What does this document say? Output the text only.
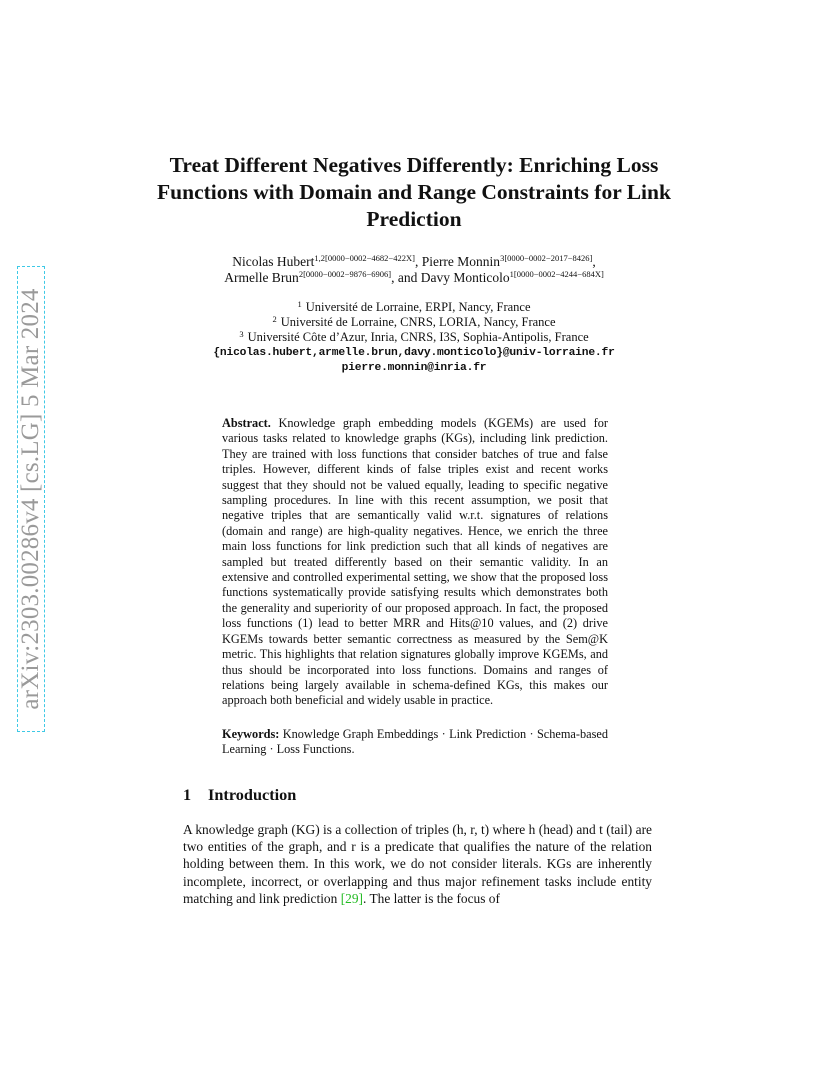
arXiv:2303.00286v4 [cs.LG] 5 Mar 2024
Treat Different Negatives Differently: Enriching Loss Functions with Domain and Range Constraints for Link Prediction
Nicolas Hubert$^{1,2[0000-0002-4682-422X]}$, Pierre Monnin$^{3[0000-0002-2017-8426]}$,
Armelle Brun$^{2[0000-0002-9876-6906]}$, and Davy Monticolo$^{1[0000-0002-4244-684X]}$
$^1$ Université de Lorraine, ERPI, Nancy, France
$^2$ Université de Lorraine, CNRS, LORIA, Nancy, France
$^3$ Université Côte d’Azur, Inria, CNRS, I3S, Sophia-Antipolis, France
{nicolas.hubert,armelle.brun,davy.monticolo}@univ-lorraine.fr
pierre.monnin@inria.fr
Abstract. Knowledge graph embedding models (KGEMs) are used for various tasks related to knowledge graphs (KGs), including link prediction. They are trained with loss functions that consider batches of true and false triples. However, different kinds of false triples exist and recent works suggest that they should not be valued equally, leading to specific negative sampling procedures. In line with this recent assumption, we posit that negative triples that are semantically valid w.r.t. signatures of relations (domain and range) are high-quality negatives. Hence, we enrich the three main loss functions for link prediction such that all kinds of negatives are sampled but treated differently based on their semantic validity. In an extensive and controlled experimental setting, we show that the proposed loss functions systematically provide satisfying results which demonstrates both the generality and superiority of our proposed approach. In fact, the proposed loss functions (1) lead to better MRR and Hits@10 values, and (2) drive KGEMs towards better semantic correctness as measured by the Sem@K metric. This highlights that relation signatures globally improve KGEMs, and thus should be incorporated into loss functions. Domains and ranges of relations being largely available in schema-defined KGs, this makes our approach both beneficial and widely usable in practice.
Keywords: Knowledge Graph Embeddings · Link Prediction · Schema-based Learning · Loss Functions.
1 Introduction
A knowledge graph (KG) is a collection of triples (h, r, t) where h (head) and t (tail) are two entities of the graph, and r is a predicate that qualifies the nature of the relation holding between them. In this work, we do not consider literals. KGs are inherently incomplete, incorrect, or overlapping and thus major refinement tasks include entity matching and link prediction [29]. The latter is the focus of
